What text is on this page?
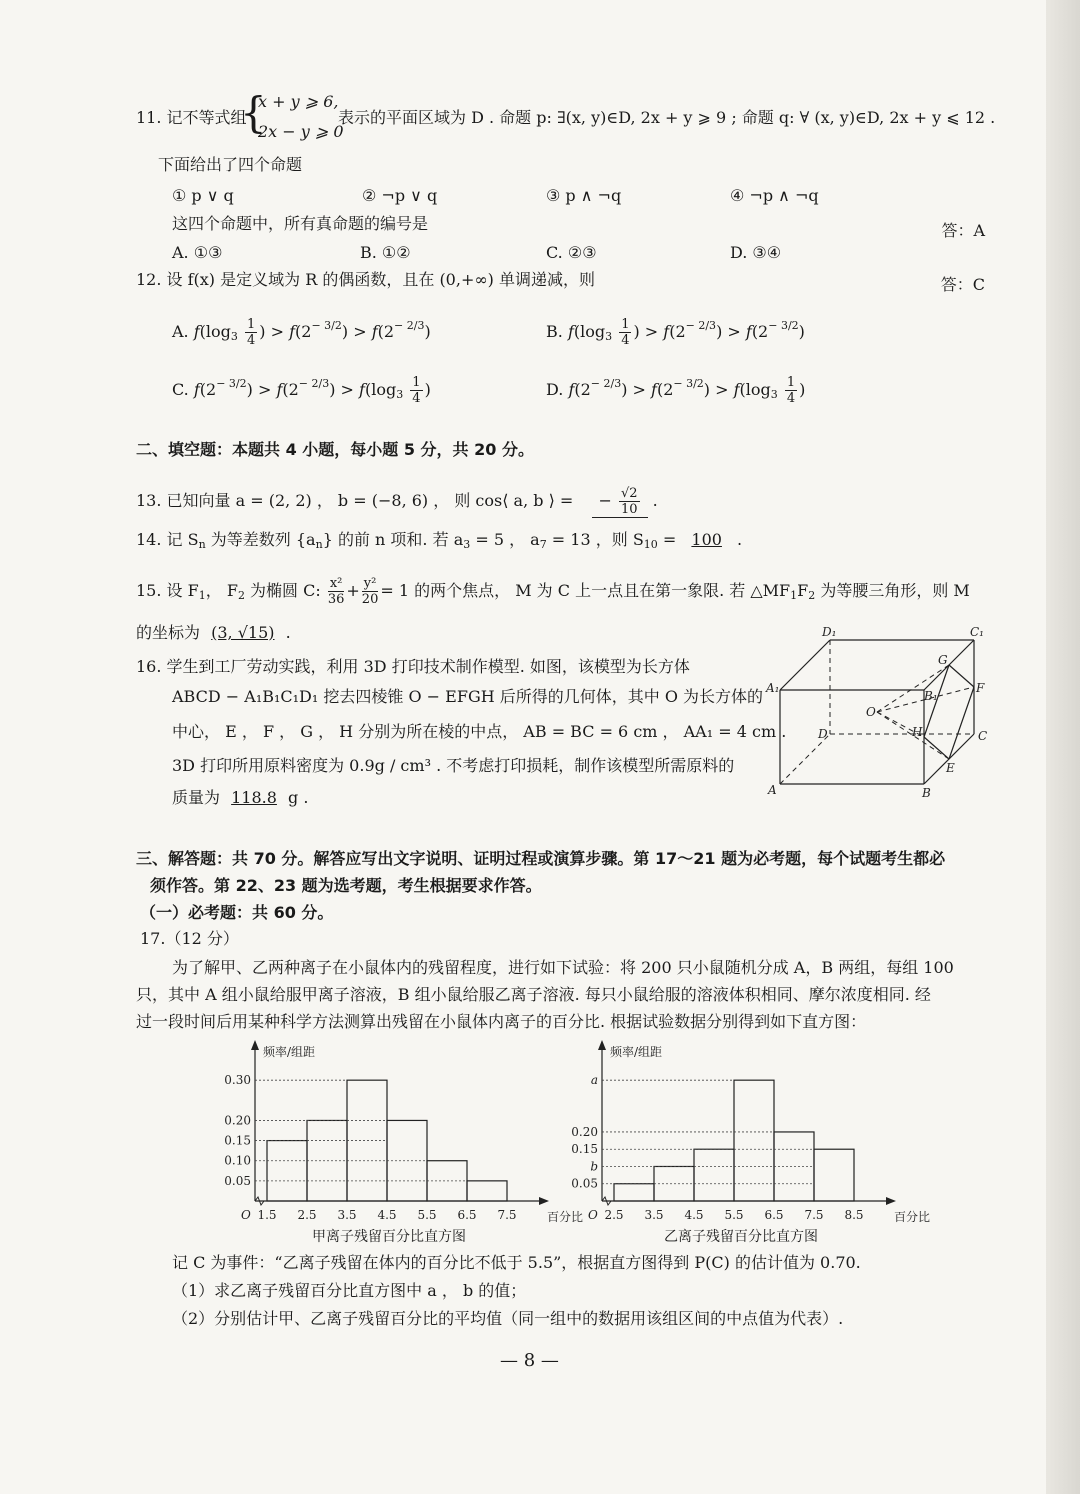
11. 记不等式组
{
x + y ⩾ 6,
2x − y ⩾ 0
表示的平面区域为 D . 命题 p: ∃(x, y)∈D, 2x + y ⩾ 9 ; 命题 q: ∀ (x, y)∈D, 2x + y ⩽ 12 .
下面给出了四个命题
① p ∨ q	② ¬p ∨ q	③ p ∧ ¬q	④ ¬p ∧ ¬q
这四个命题中，所有真命题的编号是	答：A
A. ①③	B. ①②	C. ②③	D. ③④
12. 设 f(x) 是定义域为 R 的偶函数，且在 (0,+∞) 单调递减，则	答：C
A. $f(\log_3 \frac{1}{4}$ ) > $f(2^{- 3/2}) > f(2^{- 2/3})$	B. $f(\log_3 \frac{1}{4}$ ) > $f(2^{- 2/3}) > f(2^{- 3/2})$
C. $f(2^{- 3/2}) > f(2^{- 2/3}) > f(\log_3 \frac{1}{4}$ )	D. $f(2^{- 2/3}) > f(2^{- 3/2}) > f(\log_3 \frac{1}{4}$ )
二、填空题：本题共 4 小题，每小题 5 分，共 20 分。
13. 已知向量 a = (2, 2) ， b = (−8, 6) ， 则 cos⟨ a, b ⟩ = − $\frac{√2}{10}$ .
14. 记 $S_n$ 为等差数列 $\{a_n\}$ 的前 n 项和. 若 $a_3 = 5$ ， $a_7 = 13$ ，则 $S_{10} = 100$ .
15. 设 $F_1$， $F_2$ 为椭圆 C: $\frac{\text{x²}}{36} + \frac{\text{y²}}{20} = 1$ 的两个焦点， M 为 C 上一点且在第一象限. 若 $\triangle MF_1F_2$ 为等腰三角形，则 M
的坐标为 (3, √15) .
16. 学生到工厂劳动实践，利用 3D 打印技术制作模型. 如图，该模型为长方体
ABCD − A₁B₁C₁D₁ 挖去四棱锥 O − EFGH 后所得的几何体，其中 O 为长方体的
中心， E ， F ， G ， H 分别为所在棱的中点， AB = BC = 6 cm ， AA₁ = 4 cm .
3D 打印所用原料密度为 0.9g / cm³ . 不考虑打印损耗，制作该模型所需原料的
质量为 118.8 g .
D₁	C₁
A₁
B₁
G
F
O
H
D	C
E
A	B
三、解答题：共 70 分。解答应写出文字说明、证明过程或演算步骤。第 17～21 题为必考题，每个试题考生都必
须作答。第 22、23 题为选考题，考生根据要求作答。
（一）必考题：共 60 分。
17.（12 分）
为了解甲、乙两种离子在小鼠体内的残留程度，进行如下试验：将 200 只小鼠随机分成 A，B 两组，每组 100
只，其中 A 组小鼠给服甲离子溶液，B 组小鼠给服乙离子溶液. 每只小鼠给服的溶液体积相同、摩尔浓度相同. 经
过一段时间后用某种科学方法测算出残留在小鼠体内离子的百分比. 根据试验数据分别得到如下直方图：
频率/组距
百分比
O
0.30
0.20
0.15
0.10
0.05
1.5 2.5 3.5 4.5 5.5 6.5 7.5
甲离子残留百分比直方图
频率/组距
百分比
O
a
0.20
0.15
b
0.05
2.5 3.5 4.5 5.5 6.5 7.5 8.5
乙离子残留百分比直方图
记 C 为事件：“乙离子残留在体内的百分比不低于 5.5”，根据直方图得到 P(C) 的估计值为 0.70.
（1）求乙离子残留百分比直方图中 a ， b 的值；
（2）分别估计甲、乙离子残留百分比的平均值（同一组中的数据用该组区间的中点值为代表）.
— 8 —
